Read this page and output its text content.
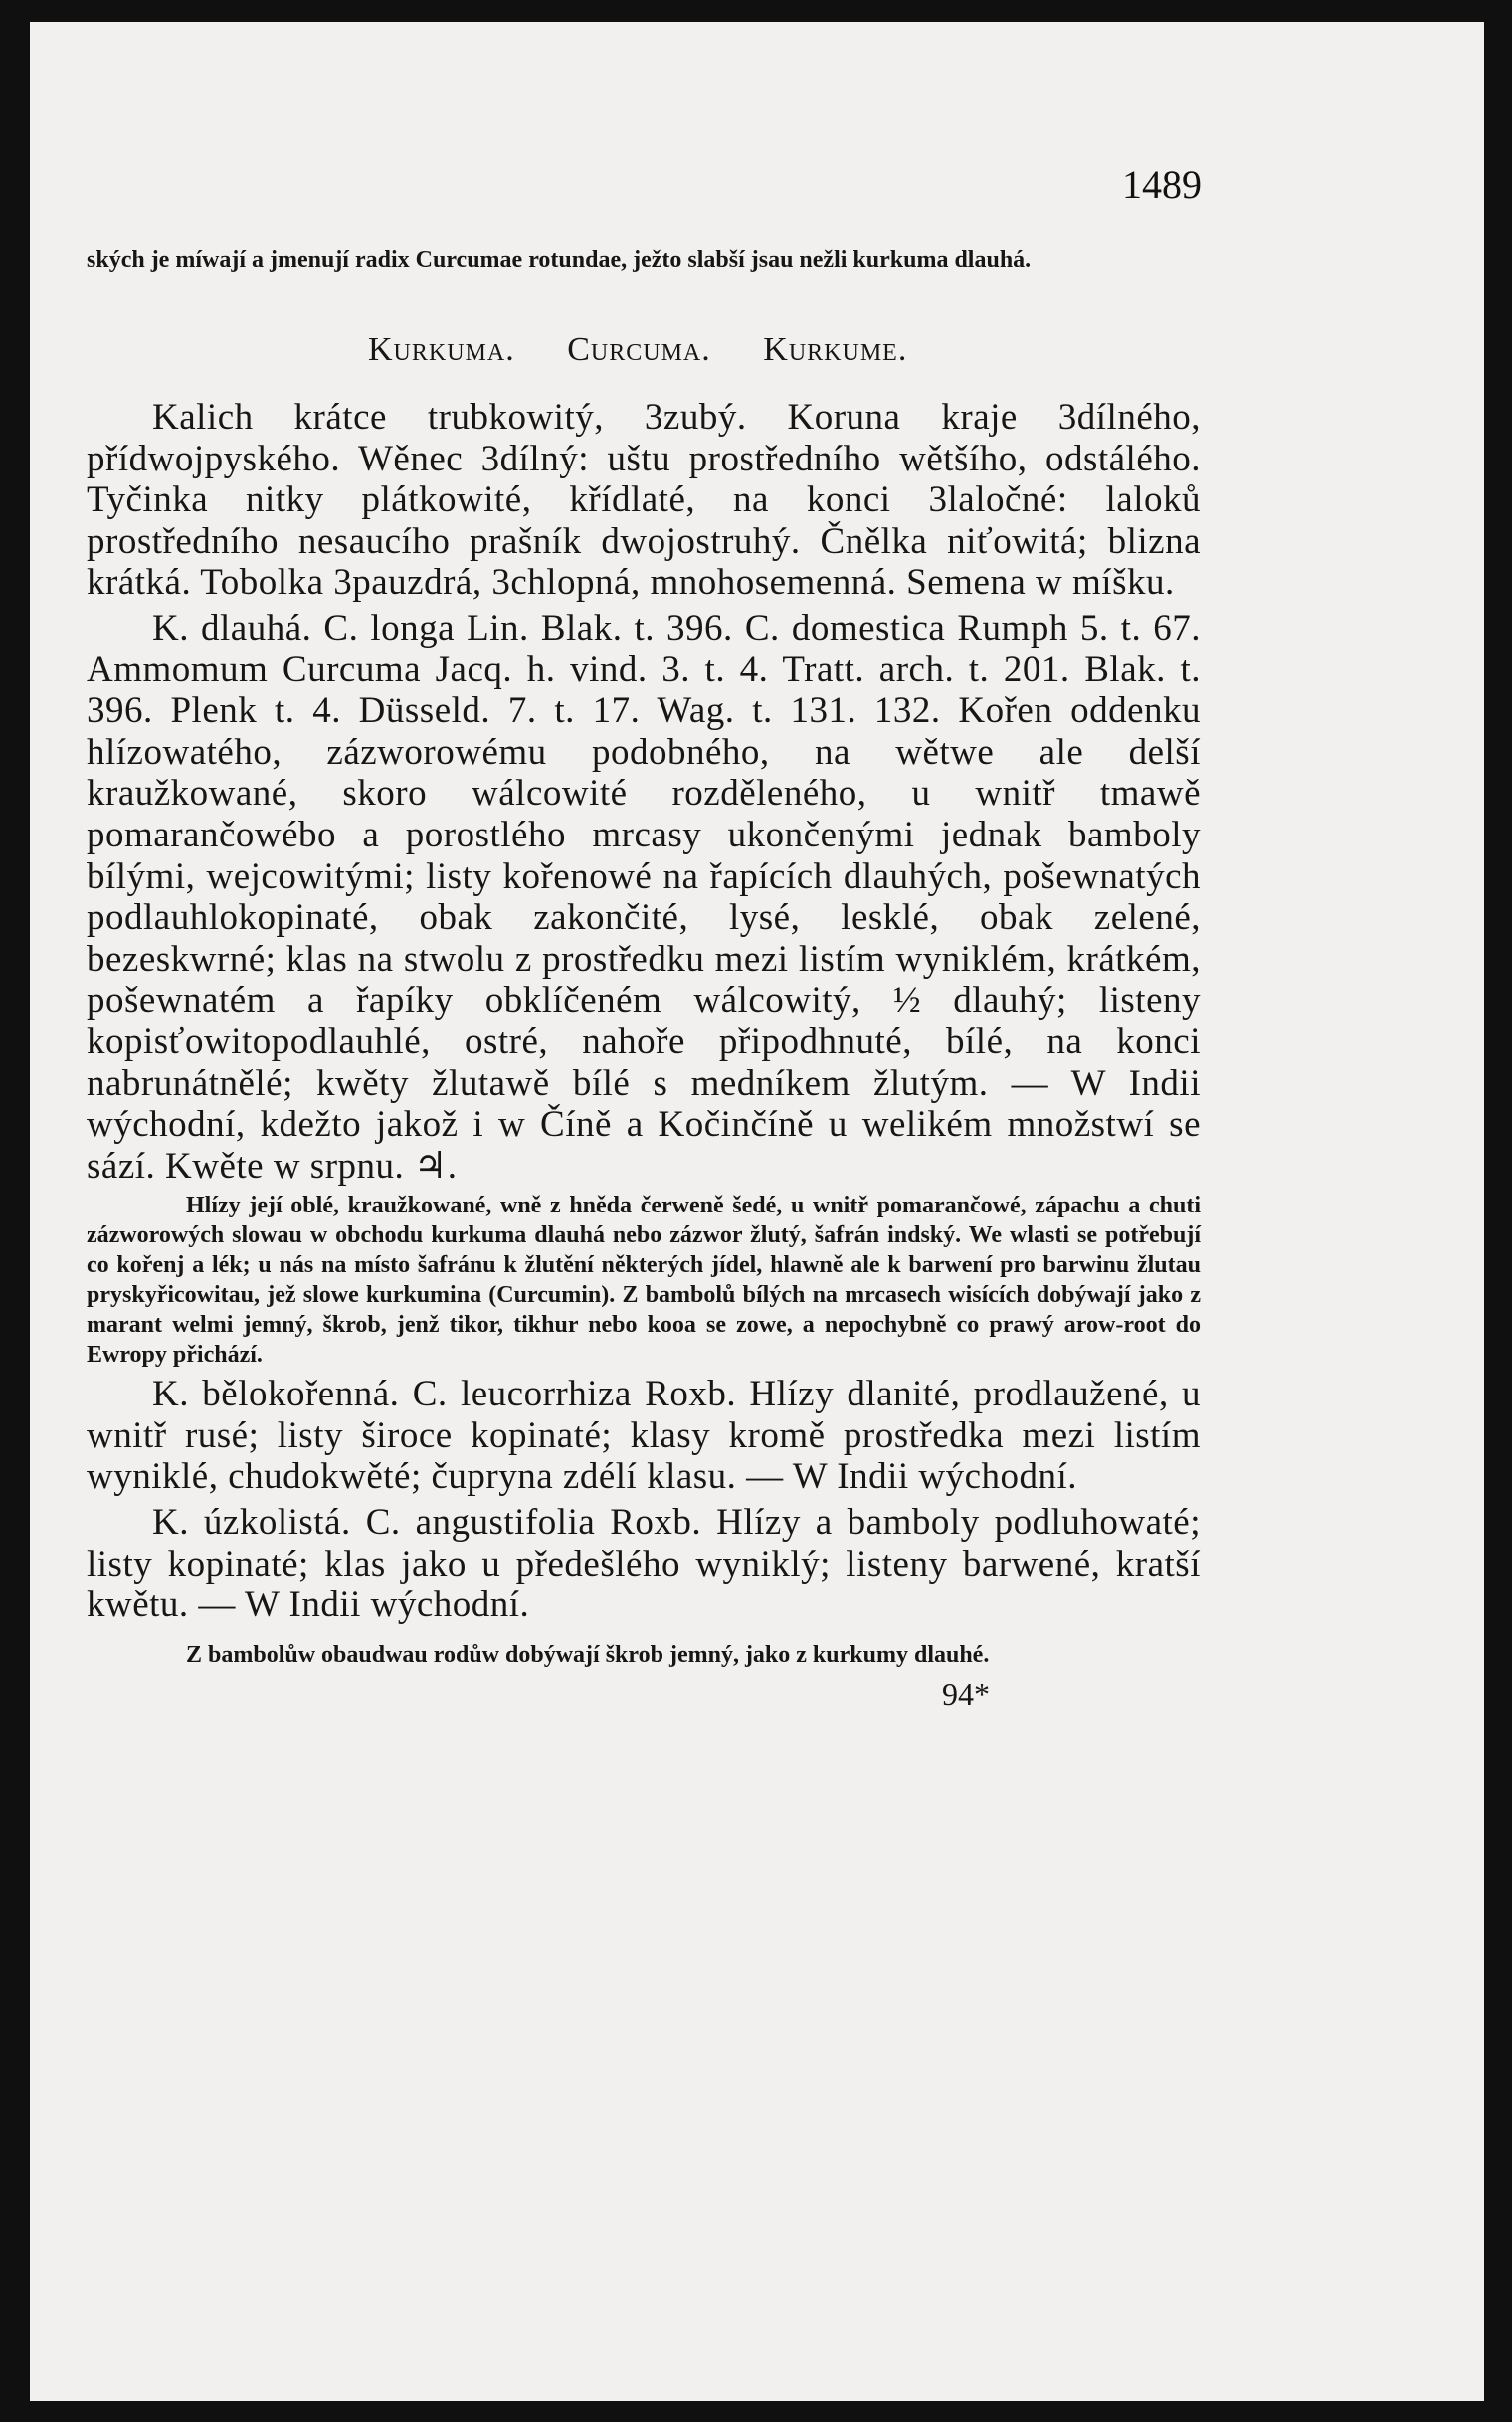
1489

ských je míwají a jmenují radix Curcumae rotundae, ježto slabší jsau nežli kurkuma dlauhá.

Kurkuma. Curcuma. Kurkume.

Kalich krátce trubkowitý, 3zubý. Koruna kraje 3dílného, přídwojpyského. Wěnec 3dílný: uštu prostředního wětšího, odstálého. Tyčinka nitky plátkowité, křídlaté, na konci 3laločné: laloků prostředního nesaucího prašník dwojostruhý. Čnělka niťowitá; blizna krátká. Tobolka 3pauzdrá, 3chlopná, mnohosemenná. Semena w míšku.

K. dlauhá. C. longa Lin. Blak. t. 396. C. domestica Rumph 5. t. 67. Ammomum Curcuma Jacq. h. vind. 3. t. 4. Tratt. arch. t. 201. Blak. t. 396. Plenk t. 4. Düsseld. 7. t. 17. Wag. t. 131. 132. Kořen oddenku hlízowatého, zázworowému podobného, na wětwe ale delší kraužkowané, skoro wálcowité rozděleného, u wnitř tmawě pomarančowébo a porostlého mrcasy ukončenými jednak bamboly bílými, wejcowitými; listy kořenowé na řapících dlauhých, pošewnatých podlauhlokopinaté, obak zakončité, lysé, lesklé, obak zelené, bezeskwrné; klas na stwolu z prostředku mezi listím wyniklém, krátkém, pošewnatém a řapíky obklíčeném wálcowitý, ½ dlauhý; listeny kopisťowitopodlauhlé, ostré, nahoře připodhnuté, bílé, na konci nabrunátnělé; kwěty žlutawě bílé s medníkem žlutým. — W Indii wýchodní, kdežto jakož i w Číně a Kočinčíně u welikém množstwí se sází. Kwěte w srpnu. ♃.

Hlízy její oblé, kraužkowané, wně z hněda čerweně šedé, u wnitř pomarančowé, zápachu a chuti zázworowých slowau w obchodu kurkuma dlauhá nebo zázwor žlutý, šafrán indský. We wlasti se potřebují co kořenj a lék; u nás na místo šafránu k žlutění některých jídel, hlawně ale k barwení pro barwinu žlutau pryskyřicowitau, jež slowe kurkumina (Curcumin). Z bambolů bílých na mrcasech wisících dobýwají jako z marant welmi jemný, škrob, jenž tikor, tikhur nebo kooa se zowe, a nepochybně co prawý arow-root do Ewropy přichází.

K. bělokořenná. C. leucorrhiza Roxb. Hlízy dlanité, prodlaužené, u wnitř rusé; listy široce kopinaté; klasy kromě prostředka mezi listím wyniklé, chudokwěté; čupryna zdélí klasu. — W Indii wýchodní.

K. úzkolistá. C. angustifolia Roxb. Hlízy a bamboly podluhowaté; listy kopinaté; klas jako u předešlého wyniklý; listeny barwené, kratší kwětu. — W Indii wýchodní.

Z bambolůw obaudwau rodůw dobýwají škrob jemný, jako z kurkumy dlauhé.

94*
